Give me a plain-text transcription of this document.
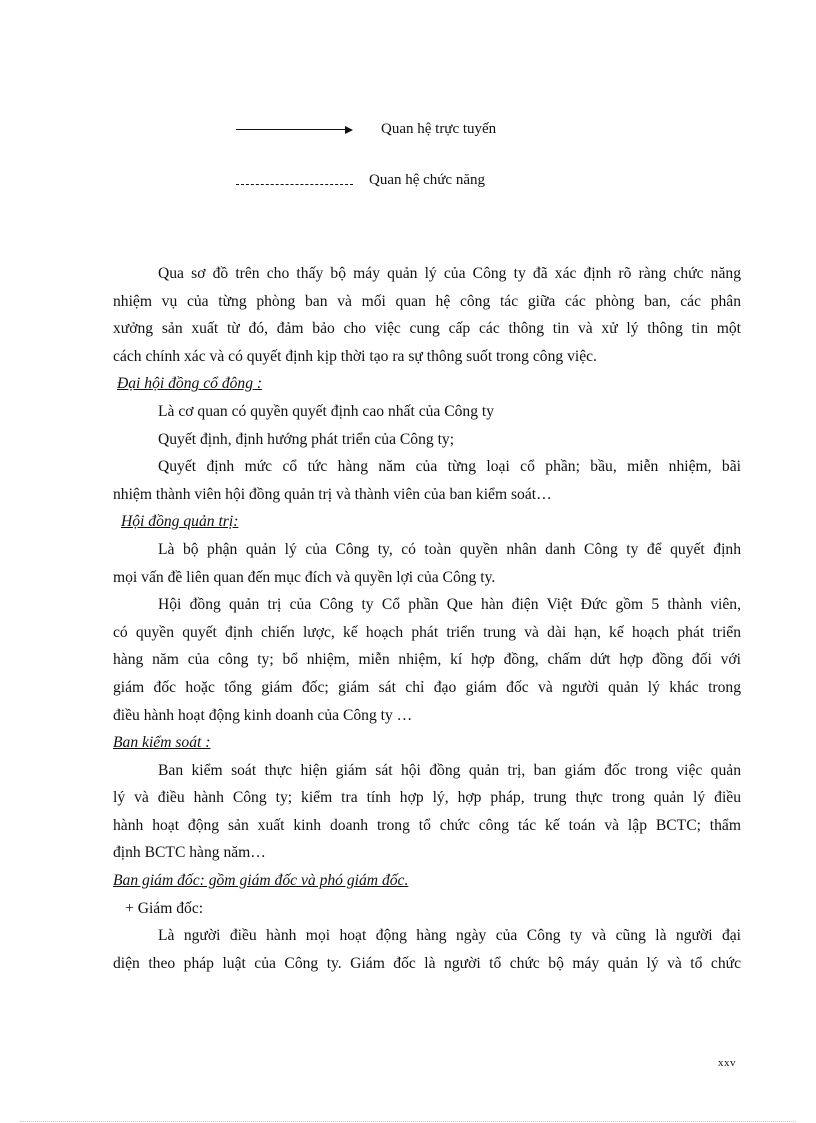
Quan hệ trực tuyến
Quan hệ chức năng

Qua sơ đồ trên cho thấy bộ máy quản lý của Công ty đã xác định rõ ràng chức năng

nhiệm vụ của từng phòng ban và mối quan hệ công tác giữa các phòng ban, các phân

xưởng sản xuất từ đó, đảm bảo cho việc cung cấp các thông tin và xử lý thông tin một

cách chính xác và có quyết định kịp thời tạo ra sự thông suốt trong công việc.

Đại hội đồng cổ đông :

Là cơ quan có quyền quyết định cao nhất của Công ty

Quyết định, định hướng phát triển của Công ty;

Quyết định mức cổ tức hàng năm của từng loại cổ phần; bầu, miễn nhiệm, bãi

nhiệm thành viên hội đồng quản trị và thành viên của ban kiểm soát…

Hội đồng quản trị:

Là bộ phận quản lý của Công ty, có toàn quyền nhân danh Công ty để quyết định

mọi vấn đề liên quan đến mục đích và quyền lợi của Công ty.

Hội đồng quản trị của Công ty Cổ phần Que hàn điện Việt Đức gồm 5 thành viên,

có quyền quyết định chiến lược, kế hoạch phát triển trung và dài hạn, kế hoạch phát triển

hàng năm của công ty; bổ nhiệm, miễn nhiệm, kí hợp đồng, chấm dứt hợp đồng đối với

giám đốc hoặc tổng giám đốc; giám sát chỉ đạo giám đốc và người quản lý khác trong

điều hành hoạt động kinh doanh của Công ty …

Ban kiểm soát :

Ban kiểm soát thực hiện giám sát hội đồng quản trị, ban giám đốc trong việc quản

lý và điều hành Công ty; kiểm tra tính hợp lý, hợp pháp, trung thực trong quản lý điều

hành hoạt động sản xuất kinh doanh trong tổ chức công tác kế toán và lập BCTC; thẩm

định BCTC hàng năm…

Ban giám đốc: gồm giám đốc và phó giám đốc.

+ Giám đốc:

Là người điều hành mọi hoạt động hàng ngày của Công ty và cũng là người đại

diện theo pháp luật của Công ty. Giám đốc là người tổ chức bộ máy quản lý và tổ chức

xxv
